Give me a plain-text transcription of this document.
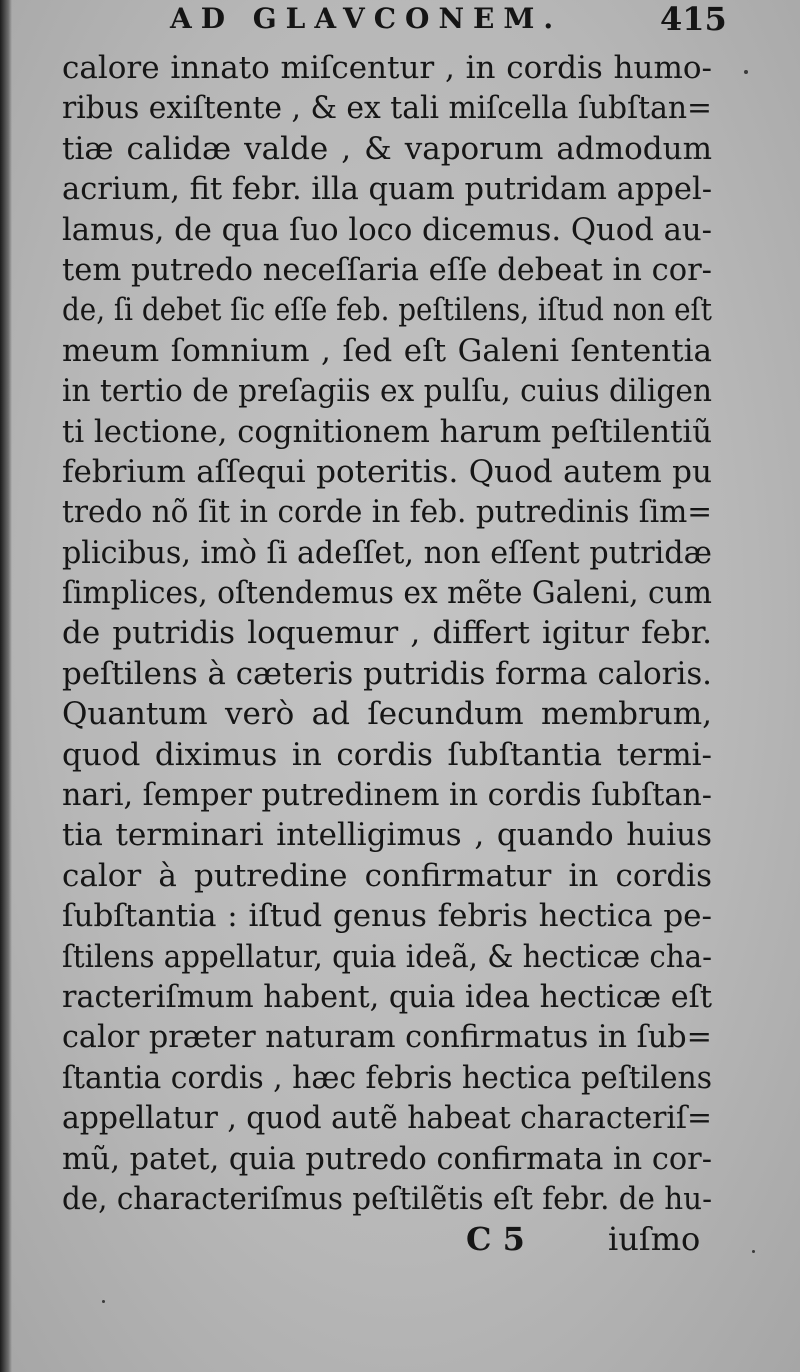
AD GLAVCONEM.	415
calore innato miſcentur , in cordis humo-
ribus exiſtente , & ex tali miſcella ſubſtan=
tiæ calidæ valde , & vaporum admodum
acrium, fit febr. illa quam putridam appel-
lamus, de qua ſuo loco dicemus. Quod au-
tem putredo neceſſaria eſſe debeat in cor-
de, ſi debet ſic eſſe feb. peſtilens, iſtud non eſt
meum ſomnium , ſed eſt Galeni ſententia
in tertio de preſagiis ex pulſu, cuius diligen
ti lectione, cognitionem harum peſtilentiũ
febrium aſſequi poteritis. Quod autem pu
tredo nõ ſit in corde in feb. putredinis ſim=
plicibus, imò ſi adeſſet, non eſſent putridæ
ſimplices, oſtendemus ex mẽte Galeni, cum
de putridis loquemur , differt igitur febr.
peſtilens à cæteris putridis forma caloris.
Quantum verò ad ſecundum membrum,
quod diximus in cordis ſubſtantia termi-
nari, ſemper putredinem in cordis ſubſtan-
tia terminari intelligimus , quando huius
calor à putredine confirmatur in cordis
ſubſtantia : iſtud genus febris hectica pe-
ſtilens appellatur, quia ideã, & hecticæ cha-
racteriſmum habent, quia idea hecticæ eſt
calor præter naturam confirmatus in ſub=
ſtantia cordis , hæc febris hectica peſtilens
appellatur , quod autẽ habeat characteriſ=
mũ, patet, quia putredo confirmata in cor-
de, characteriſmus peſtilẽtis eſt febr. de hu-
C 5	iuſmo
